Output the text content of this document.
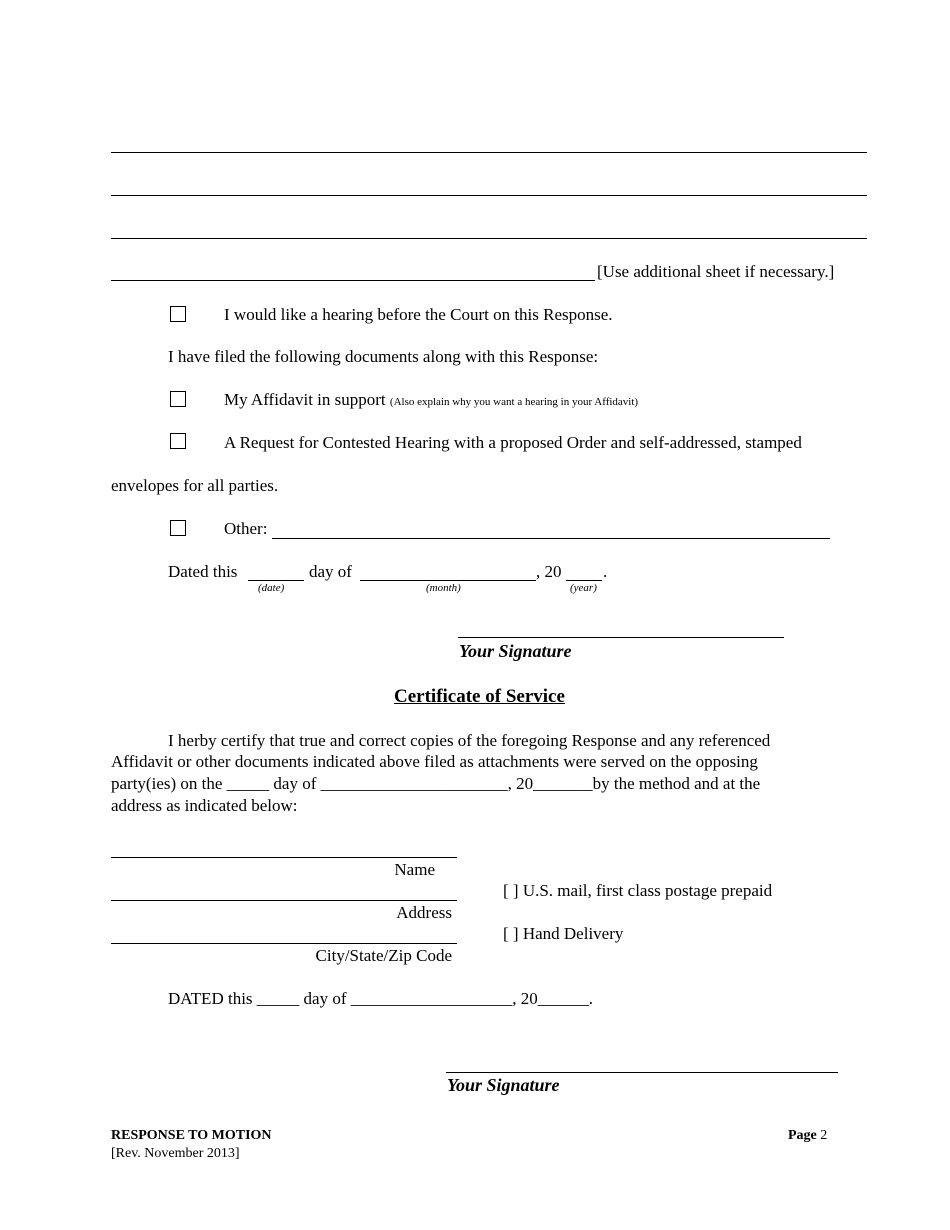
[Use additional sheet if necessary.]
I would like a hearing before the Court on this Response.
I have filed the following documents along with this Response:
My Affidavit in support (Also explain why you want a hearing in your Affidavit)
A Request for Contested Hearing with a proposed Order and self-addressed, stamped
envelopes for all parties.
Other:
Dated this	day of	, 20 .
(date)	(month)	(year)
Your Signature
Certificate of Service
I herby certify that true and correct copies of the foregoing Response and any referenced
Affidavit or other documents indicated above filed as attachments were served on the opposing
party(ies) on the _____ day of ______________________, 20_______by the method and at the
address as indicated below:
Name
Address
City/State/Zip Code
[ ] U.S. mail, first class postage prepaid
[ ] Hand Delivery
DATED this _____ day of ___________________, 20______.
Your Signature
RESPONSE TO MOTION
[Rev. November 2013]
Page 2
